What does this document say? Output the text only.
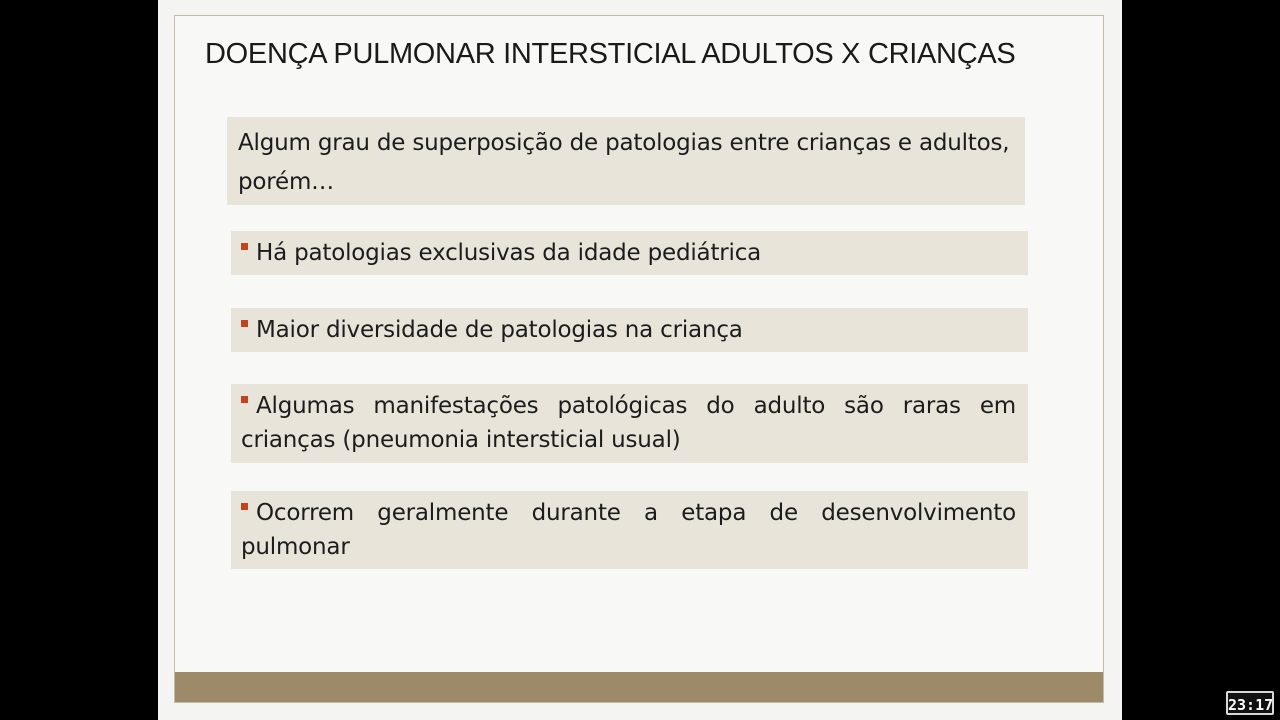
DOENÇA PULMONAR INTERSTICIAL ADULTOS X CRIANÇAS
Algum grau de superposição de patologias entre crianças e adultos, porém…
Há patologias exclusivas da idade pediátrica
Maior diversidade de patologias na criança
Algumas manifestações patológicas do adulto são raras em crianças (pneumonia intersticial usual)
Ocorrem geralmente durante a etapa de desenvolvimento pulmonar
23:17
